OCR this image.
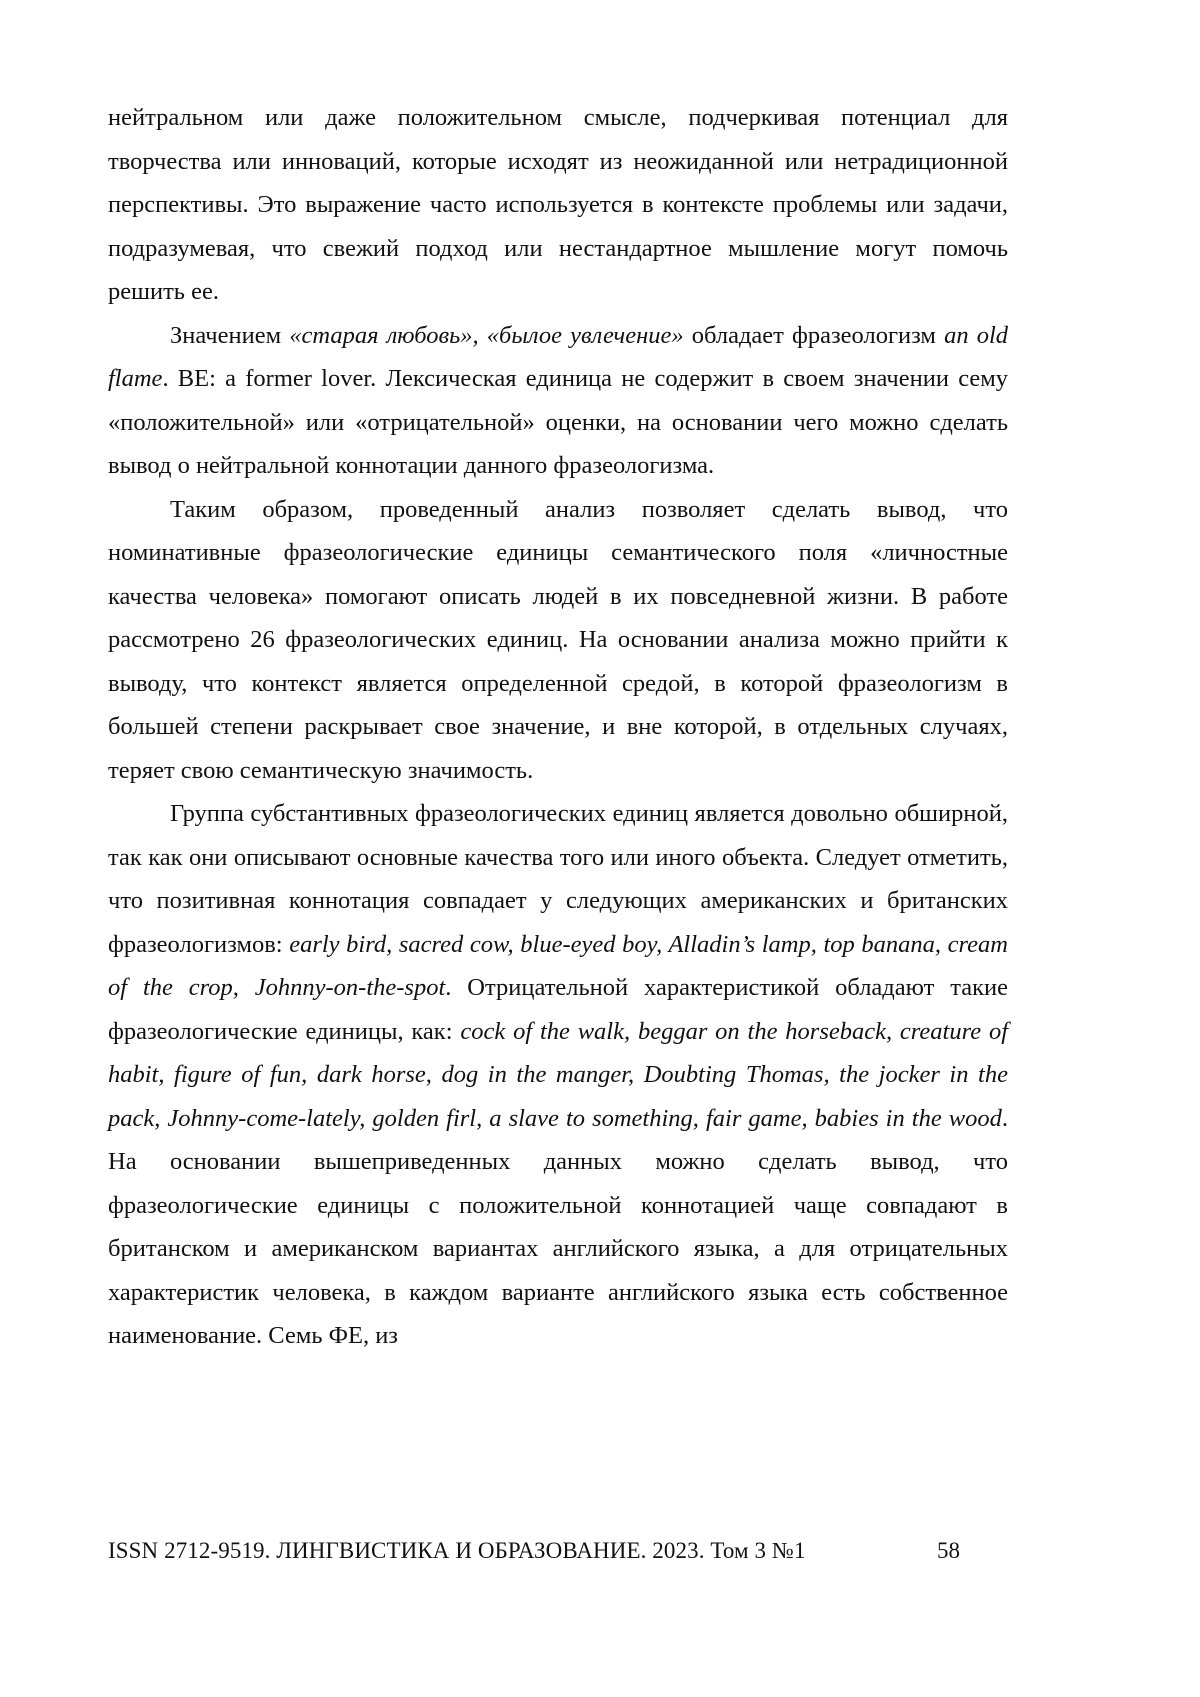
нейтральном или даже положительном смысле, подчеркивая потенциал для творчества или инноваций, которые исходят из неожиданной или нетрадиционной перспективы. Это выражение часто используется в контексте проблемы или задачи, подразумевая, что свежий подход или нестандартное мышление могут помочь решить ее.

Значением «старая любовь», «былое увлечение» обладает фразеологизм an old flame. BE: a former lover. Лексическая единица не содержит в своем значении сему «положительной» или «отрицательной» оценки, на основании чего можно сделать вывод о нейтральной коннотации данного фразеологизма.

Таким образом, проведенный анализ позволяет сделать вывод, что номинативные фразеологические единицы семантического поля «личностные качества человека» помогают описать людей в их повседневной жизни. В работе рассмотрено 26 фразеологических единиц. На основании анализа можно прийти к выводу, что контекст является определенной средой, в которой фразеологизм в большей степени раскрывает свое значение, и вне которой, в отдельных случаях, теряет свою семантическую значимость.

Группа субстантивных фразеологических единиц является довольно обширной, так как они описывают основные качества того или иного объекта. Следует отметить, что позитивная коннотация совпадает у следующих американских и британских фразеологизмов: early bird, sacred cow, blue-eyed boy, Alladin’s lamp, top banana, cream of the crop, Johnny-on-the-spot. Отрицательной характеристикой обладают такие фразеологические единицы, как: cock of the walk, beggar on the horseback, creature of habit, figure of fun, dark horse, dog in the manger, Doubting Thomas, the jocker in the pack, Johnny-come-lately, golden firl, a slave to something, fair game, babies in the wood. На основании вышеприведенных данных можно сделать вывод, что фразеологические единицы с положительной коннотацией чаще совпадают в британском и американском вариантах английского языка, а для отрицательных характеристик человека, в каждом варианте английского языка есть собственное наименование. Семь ФЕ, из

ISSN 2712-9519. ЛИНГВИСТИКА И ОБРАЗОВАНИЕ. 2023. Том 3 №1	58
